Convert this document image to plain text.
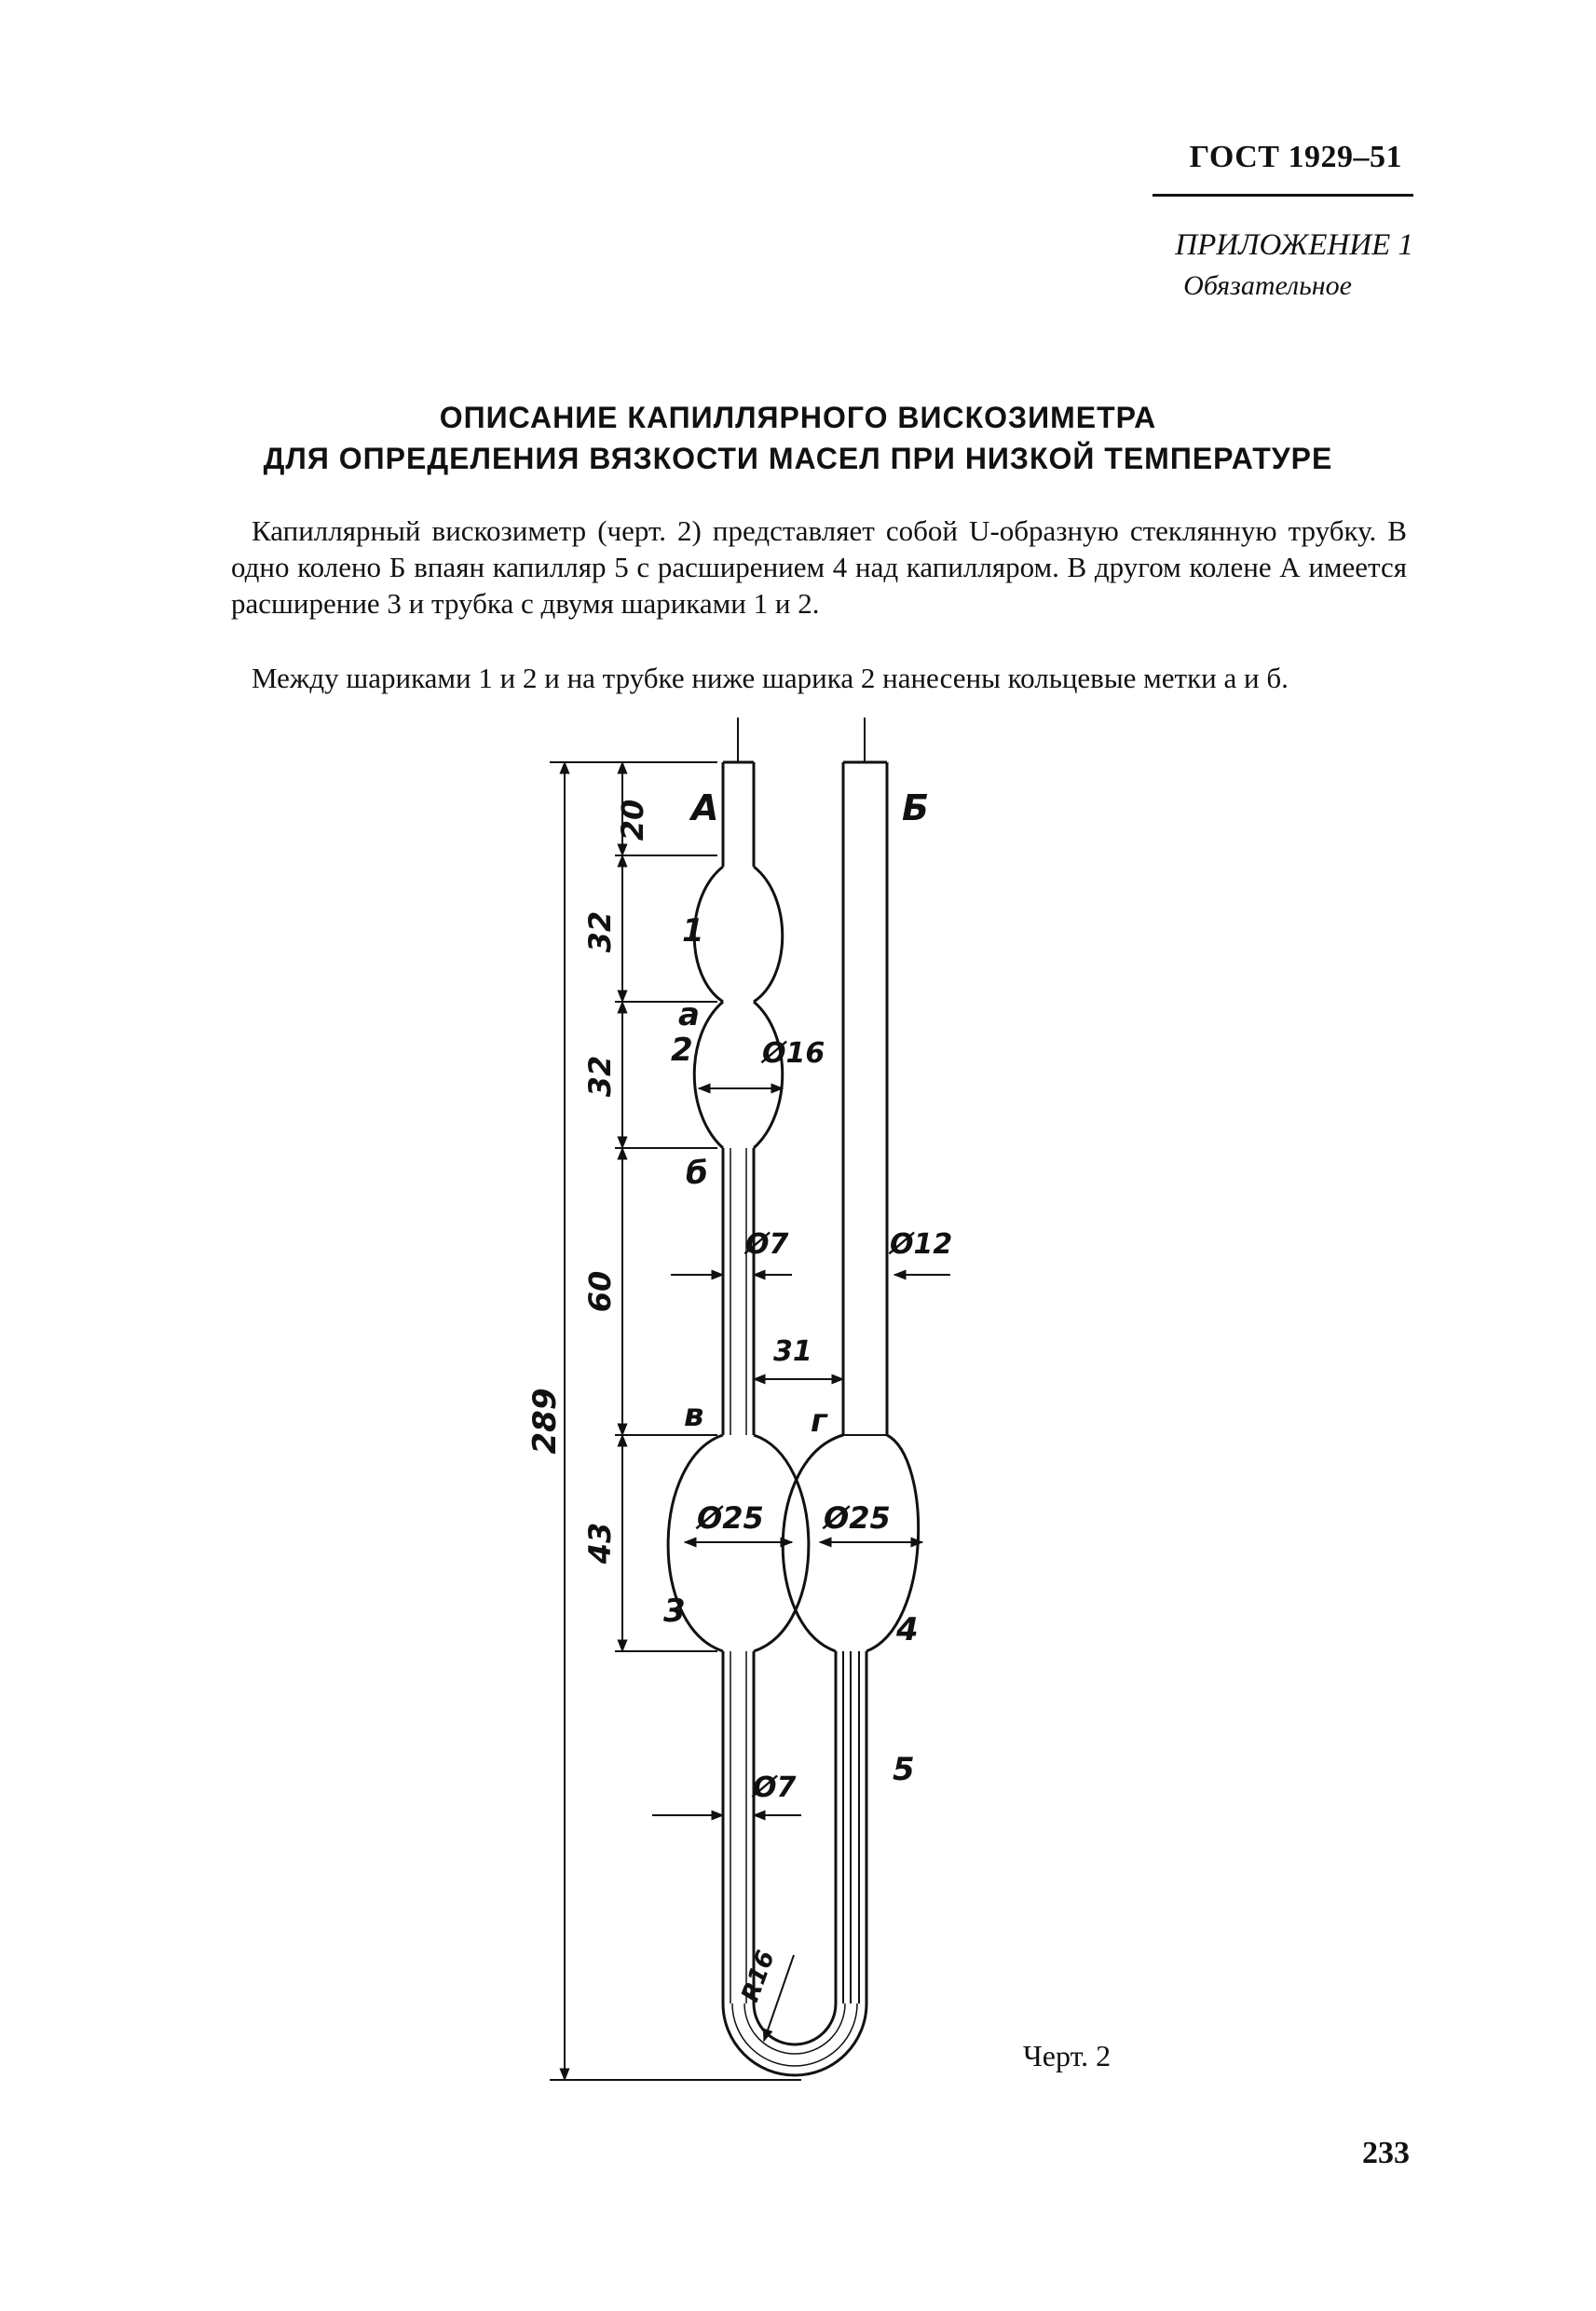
ГОСТ 1929–51
ПРИЛОЖЕНИЕ 1
Обязательное
ОПИСАНИЕ КАПИЛЛЯРНОГО ВИСКОЗИМЕТРА
ДЛЯ ОПРЕДЕЛЕНИЯ ВЯЗКОСТИ МАСЕЛ ПРИ НИЗКОЙ ТЕМПЕРАТУРЕ
Капиллярный вискозиметр (черт. 2) представляет собой U-образную стеклянную трубку. В одно колено Б впаян капилляр 5 с расширением 4 над капилляром. В другом колене А имеется расширение 3 и трубка с двумя шариками 1 и 2.
Между шариками 1 и 2 и на трубке ниже шарика 2 нанесены кольцевые метки а и б.
А	Б
1
2
3	4
5
а
б
в	г
20
32
32
60
43
289
Ø16
Ø7	Ø12
31
Ø25 Ø25
Ø7
R16
Черт. 2
233
